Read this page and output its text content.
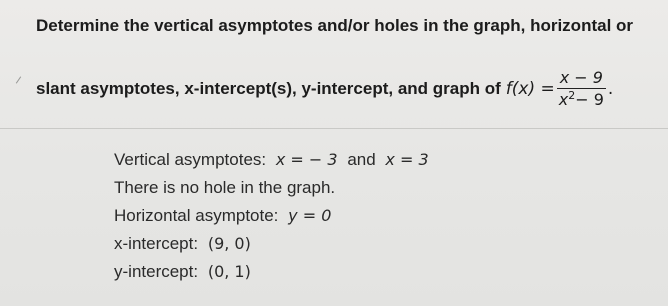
Determine the vertical asymptotes and/or holes in the graph, horizontal or
slant asymptotes, x-intercept(s), y-intercept, and graph of $f(x) = \frac{x - 9}{x^2- 9}$ .
Vertical asymptotes: x = − 3 and x = 3
There is no hole in the graph.
Horizontal asymptote: y = 0
x-intercept: (9, 0)
y-intercept: (0, 1)
